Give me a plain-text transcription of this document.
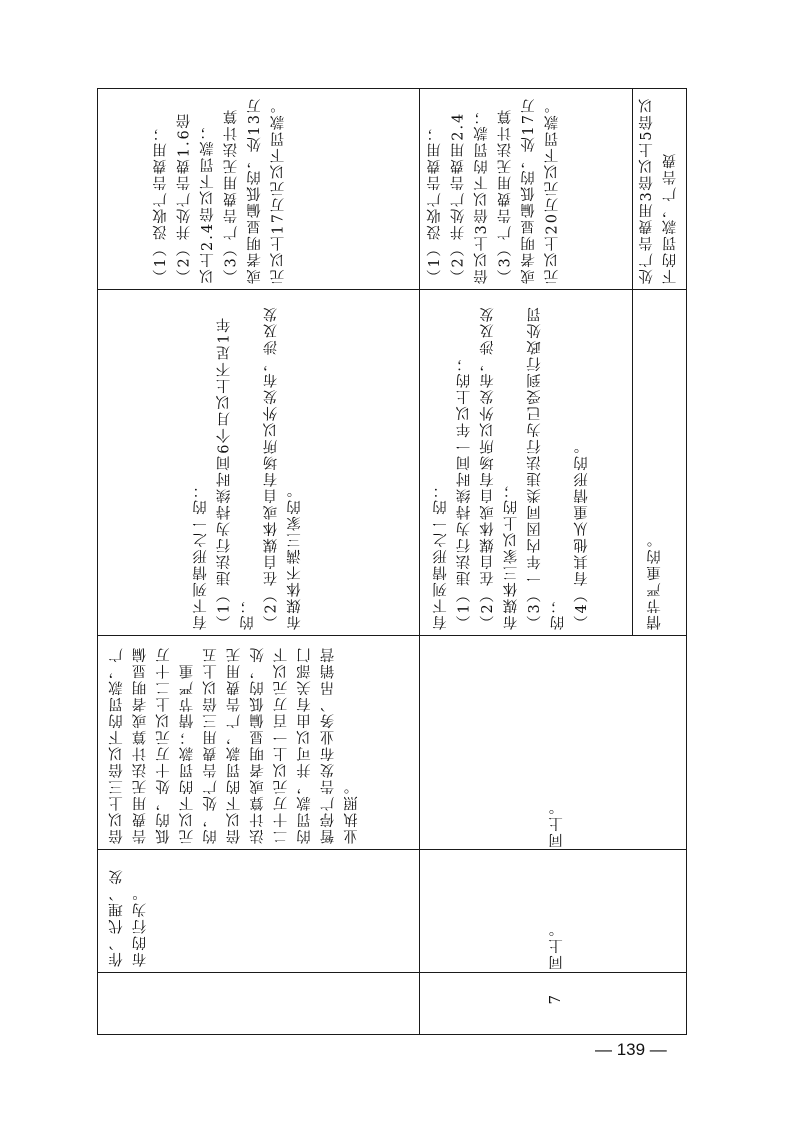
作、代理、发布的行为。
倍以上三倍以下的罚款，广告费用无法计算或者明显偏低的，处十万元以上二十万元以下的罚款；情节严重的，处广告费用三倍以上五倍以下的罚款，广告费用无法计算或者明显偏低的，处二十万元以上一百万元以下的罚款，并可以由有关部门暂停广告发布业务、吊销营业执照。
有下列情形之一的： （1）违法行为持续时间6个月以上不足1年的； （2）在自媒体或自有场所以外发布，涉及发布媒体不满三家的。
（1）没收广告费用； （2）并处广告费1.6倍以上2.4倍以下罚款； （3）广告费用无法计算或者明显偏低的，处13万元以上17万元以下罚款。
7
同上。
同上。
有下列情形之一的： （1）违法行为持续时间一年以上的； （2）在自媒体或自有场所以外发布，涉及发布媒体三家以上的； （3）一年内因同类违法行为已受到行政处罚的； （4）有其他从重情形的。
（1）没收广告费用； （2）并处广告费用2.4倍以上3倍以下的罚款； （3）广告费用无法计算或者明显偏低的，处17万元以上20万元以下罚款。
情节严重的。
处广告费用3倍以上5倍以下的罚款，广告费
— 139 —
